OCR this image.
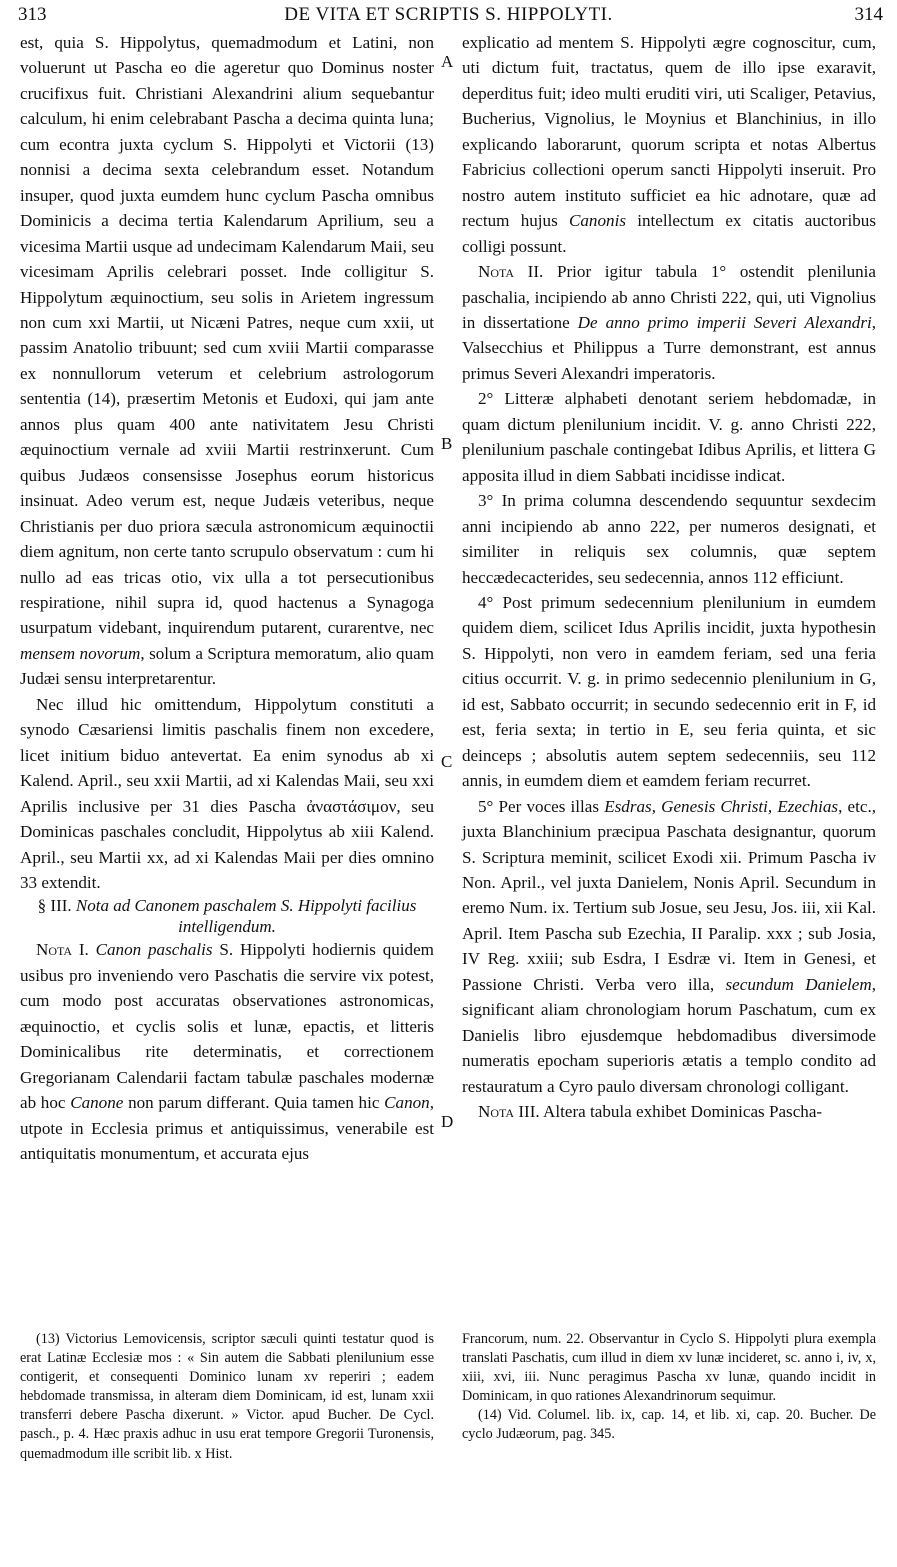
313	DE VITA ET SCRIPTIS S. HIPPOLYTI.	314
A
B
C
D

est, quia S. Hippolytus, quemadmodum et Latini, non voluerunt ut Pascha eo die ageretur quo Dominus noster crucifixus fuit. Christiani Alexandrini alium sequebantur calculum, hi enim celebrabant Pascha a decima quinta luna; cum econtra juxta cyclum S. Hippolyti et Victorii (13) nonnisi a decima sexta celebrandum esset. Notandum insuper, quod juxta eumdem hunc cyclum Pascha omnibus Dominicis a decima tertia Kalendarum Aprilium, seu a vicesima Martii usque ad undecimam Kalendarum Maii, seu vicesimam Aprilis celebrari posset. Inde colligitur S. Hippolytum æquinoctium, seu solis in Arietem ingressum non cum xxi Martii, ut Nicæni Patres, neque cum xxii, ut passim Anatolio tribuunt; sed cum xviii Martii comparasse ex nonnullorum veterum et celebrium astrologorum sententia (14), præsertim Metonis et Eudoxi, qui jam ante annos plus quam 400 ante nativitatem Jesu Christi æquinoctium vernale ad xviii Martii restrinxerunt. Cum quibus Judæos consensisse Josephus eorum historicus insinuat. Adeo verum est, neque Judæis veteribus, neque Christianis per duo priora sæcula astronomicum æquinoctii diem agnitum, non certe tanto scrupulo observatum : cum hi nullo ad eas tricas otio, vix ulla a tot persecutionibus respiratione, nihil supra id, quod hactenus a Synagoga usurpatum videbant, inquirendum putarent, curarentve, nec mensem novorum, solum a Scriptura memoratum, alio quam Judæi sensu interpretarentur.

Nec illud hic omittendum, Hippolytum constituti a synodo Cæsariensi limitis paschalis finem non excedere, licet initium biduo antevertat. Ea enim synodus ab xi Kalend. April., seu xxii Martii, ad xi Kalendas Maii, seu xxi Aprilis inclusive per 31 dies Pascha ἀναστάσιμον, seu Dominicas paschales concludit, Hippolytus ab xiii Kalend. April., seu Martii xx, ad xi Kalendas Maii per dies omnino 33 extendit.

§ III. Nota ad Canonem paschalem S. Hippolyti facilius intelligendum.

Nota I. Canon paschalis S. Hippolyti hodiernis quidem usibus pro inveniendo vero Paschatis die servire vix potest, cum modo post accuratas observationes astronomicas, æquinoctio, et cyclis solis et lunæ, epactis, et litteris Dominicalibus rite determinatis, et correctionem Gregorianam Calendarii factam tabulæ paschales modernæ ab hoc Canone non parum differant. Quia tamen hic Canon, utpote in Ecclesia primus et antiquissimus, venerabile est antiquitatis monumentum, et accurata ejus

explicatio ad mentem S. Hippolyti ægre cognoscitur, cum, uti dictum fuit, tractatus, quem de illo ipse exaravit, deperditus fuit; ideo multi eruditi viri, uti Scaliger, Petavius, Bucherius, Vignolius, le Moynius et Blanchinius, in illo explicando laborarunt, quorum scripta et notas Albertus Fabricius collectioni operum sancti Hippolyti inseruit. Pro nostro autem instituto sufficiet ea hic adnotare, quæ ad rectum hujus Canonis intellectum ex citatis auctoribus colligi possunt.

Nota II. Prior igitur tabula 1° ostendit plenilunia paschalia, incipiendo ab anno Christi 222, qui, uti Vignolius in dissertatione De anno primo imperii Severi Alexandri, Valsecchius et Philippus a Turre demonstrant, est annus primus Severi Alexandri imperatoris.

2° Litteræ alphabeti denotant seriem hebdomadæ, in quam dictum plenilunium incidit. V. g. anno Christi 222, plenilunium paschale contingebat Idibus Aprilis, et littera G apposita illud in diem Sabbati incidisse indicat.

3° In prima columna descendendo sequuntur sexdecim anni incipiendo ab anno 222, per numeros designati, et similiter in reliquis sex columnis, quæ septem heccædecacterides, seu sedecennia, annos 112 efficiunt.

4° Post primum sedecennium plenilunium in eumdem quidem diem, scilicet Idus Aprilis incidit, juxta hypothesin S. Hippolyti, non vero in eamdem feriam, sed una feria citius occurrit. V. g. in primo sedecennio plenilunium in G, id est, Sabbato occurrit; in secundo sedecennio erit in F, id est, feria sexta; in tertio in E, seu feria quinta, et sic deinceps ; absolutis autem septem sedecenniis, seu 112 annis, in eumdem diem et eamdem feriam recurret.

5° Per voces illas Esdras, Genesis Christi, Ezechias, etc., juxta Blanchinium præcipua Paschata designantur, quorum S. Scriptura meminit, scilicet Exodi xii. Primum Pascha iv Non. April., vel juxta Danielem, Nonis April. Secundum in eremo Num. ix. Tertium sub Josue, seu Jesu, Jos. iii, xii Kal. April. Item Pascha sub Ezechia, II Paralip. xxx ; sub Josia, IV Reg. xxiii; sub Esdra, I Esdræ vi. Item in Genesi, et Passione Christi. Verba vero illa, secundum Danielem, significant aliam chronologiam horum Paschatum, cum ex Danielis libro ejusdemque hebdomadibus diversimode numeratis epocham superioris ætatis a templo condito ad restauratum a Cyro paulo diversam chronologi colligant.

Nota III. Altera tabula exhibet Dominicas Pascha-

(13) Victorius Lemovicensis, scriptor sæculi quinti testatur quod is erat Latinæ Ecclesiæ mos : « Sin autem die Sabbati plenilunium esse contigerit, et consequenti Dominico lunam xv reperiri ; eadem hebdomade transmissa, in alteram diem Dominicam, id est, lunam xxii transferri debere Pascha dixerunt. » Victor. apud Bucher. De Cycl. pasch., p. 4. Hæc praxis adhuc in usu erat tempore Gregorii Turonensis, quemadmodum ille scribit lib. x Hist.

Francorum, num. 22. Observantur in Cyclo S. Hippolyti plura exempla translati Paschatis, cum illud in diem xv lunæ incideret, sc. anno i, iv, x, xiii, xvi, iii. Nunc peragimus Pascha xv lunæ, quando incidit in Dominicam, in quo rationes Alexandrinorum sequimur.

(14) Vid. Columel. lib. ix, cap. 14, et lib. xi, cap. 20. Bucher. De cyclo Judæorum, pag. 345.
